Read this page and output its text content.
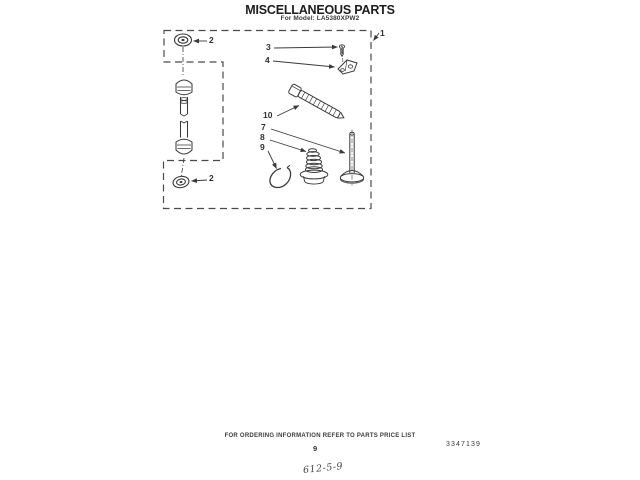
MISCELLANEOUS PARTS
For Model: LA5380XPW2
1
2
3
4
10
7
8
9
2
FOR ORDERING INFORMATION REFER TO PARTS PRICE LIST
9	3347139
612-5-9
